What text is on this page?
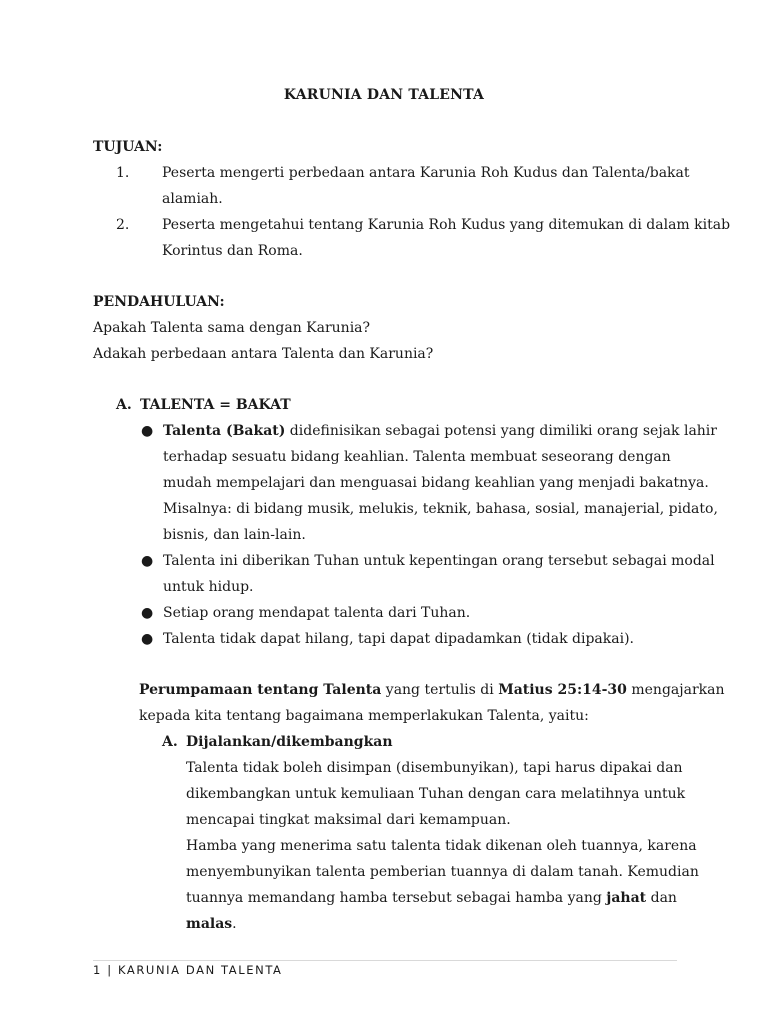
KARUNIA DAN TALENTA
TUJUAN:
1. Peserta mengerti perbedaan antara Karunia Roh Kudus dan Talenta/bakat
alamiah.
2. Peserta mengetahui tentang Karunia Roh Kudus yang ditemukan di dalam kitab
Korintus dan Roma.
PENDAHULUAN:
Apakah Talenta sama dengan Karunia?
Adakah perbedaan antara Talenta dan Karunia?
A. TALENTA = BAKAT
● Talenta (Bakat) didefinisikan sebagai potensi yang dimiliki orang sejak lahir
terhadap sesuatu bidang keahlian. Talenta membuat seseorang dengan
mudah mempelajari dan menguasai bidang keahlian yang menjadi bakatnya.
Misalnya: di bidang musik, melukis, teknik, bahasa, sosial, manajerial, pidato,
bisnis, dan lain-lain.
● Talenta ini diberikan Tuhan untuk kepentingan orang tersebut sebagai modal
untuk hidup.
● Setiap orang mendapat talenta dari Tuhan.
● Talenta tidak dapat hilang, tapi dapat dipadamkan (tidak dipakai).
Perumpamaan tentang Talenta yang tertulis di Matius 25:14-30 mengajarkan
kepada kita tentang bagaimana memperlakukan Talenta, yaitu:
A. Dijalankan/dikembangkan
Talenta tidak boleh disimpan (disembunyikan), tapi harus dipakai dan
dikembangkan untuk kemuliaan Tuhan dengan cara melatihnya untuk
mencapai tingkat maksimal dari kemampuan.
Hamba yang menerima satu talenta tidak dikenan oleh tuannya, karena
menyembunyikan talenta pemberian tuannya di dalam tanah. Kemudian
tuannya memandang hamba tersebut sebagai hamba yang jahat dan
malas.
1 | KARUNIA DAN TALENTA
